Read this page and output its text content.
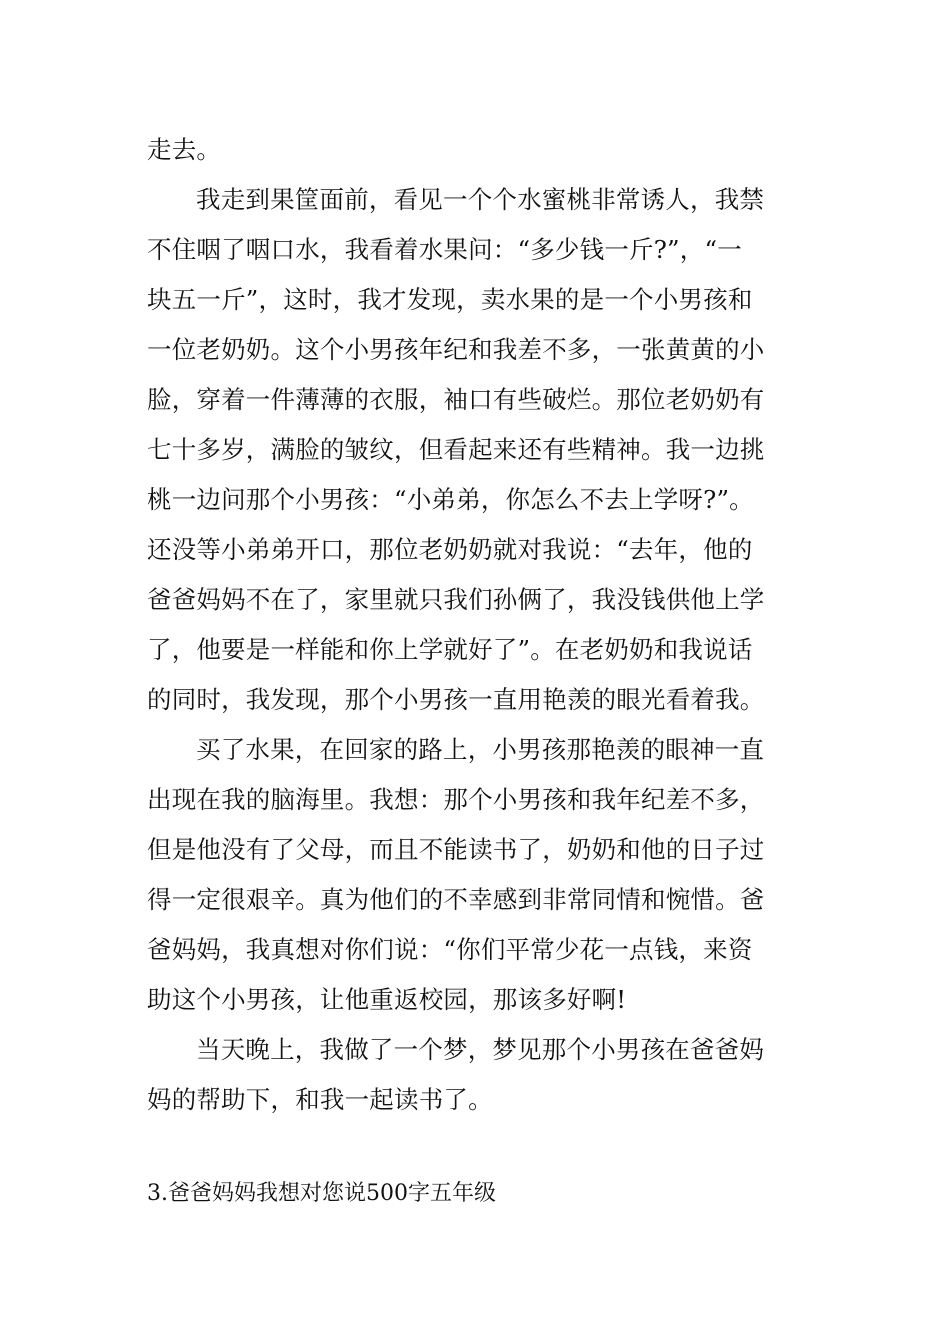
走去。
我走到果筐面前，看见一个个水蜜桃非常诱人，我禁
不住咽了咽口水，我看着水果问：“多少钱一斤?”，“一
块五一斤”，这时，我才发现，卖水果的是一个小男孩和
一位老奶奶。这个小男孩年纪和我差不多，一张黄黄的小
脸，穿着一件薄薄的衣服，袖口有些破烂。那位老奶奶有
七十多岁，满脸的皱纹，但看起来还有些精神。我一边挑
桃一边问那个小男孩：“小弟弟，你怎么不去上学呀?”。
还没等小弟弟开口，那位老奶奶就对我说：“去年，他的
爸爸妈妈不在了，家里就只我们孙俩了，我没钱供他上学
了，他要是一样能和你上学就好了”。在老奶奶和我说话
的同时，我发现，那个小男孩一直用艳羡的眼光看着我。
买了水果，在回家的路上，小男孩那艳羡的眼神一直
出现在我的脑海里。我想：那个小男孩和我年纪差不多，
但是他没有了父母，而且不能读书了，奶奶和他的日子过
得一定很艰辛。真为他们的不幸感到非常同情和惋惜。爸
爸妈妈，我真想对你们说：“你们平常少花一点钱，来资
助这个小男孩，让他重返校园，那该多好啊!
当天晚上，我做了一个梦，梦见那个小男孩在爸爸妈
妈的帮助下，和我一起读书了。
3.爸爸妈妈我想对您说500字五年级
